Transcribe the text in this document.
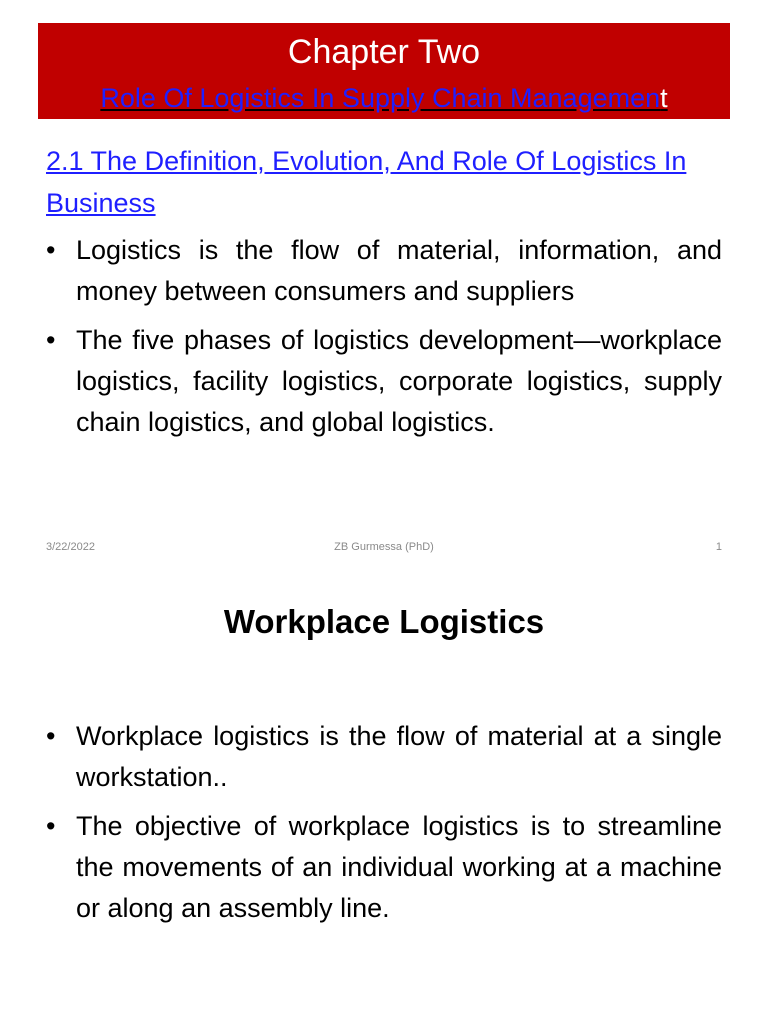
Chapter Two
Role Of Logistics In Supply Chain Management
2.1 The Definition, Evolution, And Role Of Logistics In Business
• Logistics is the flow of material, information, and money between consumers and suppliers
• The five phases of logistics development—workplace logistics, facility logistics, corporate logistics, supply chain logistics, and global logistics.
3/22/2022	ZB Gurmessa (PhD)	1
Workplace Logistics
• Workplace logistics is the flow of material at a single workstation..
• The objective of workplace logistics is to streamline the movements of an individual working at a machine or along an assembly line.
